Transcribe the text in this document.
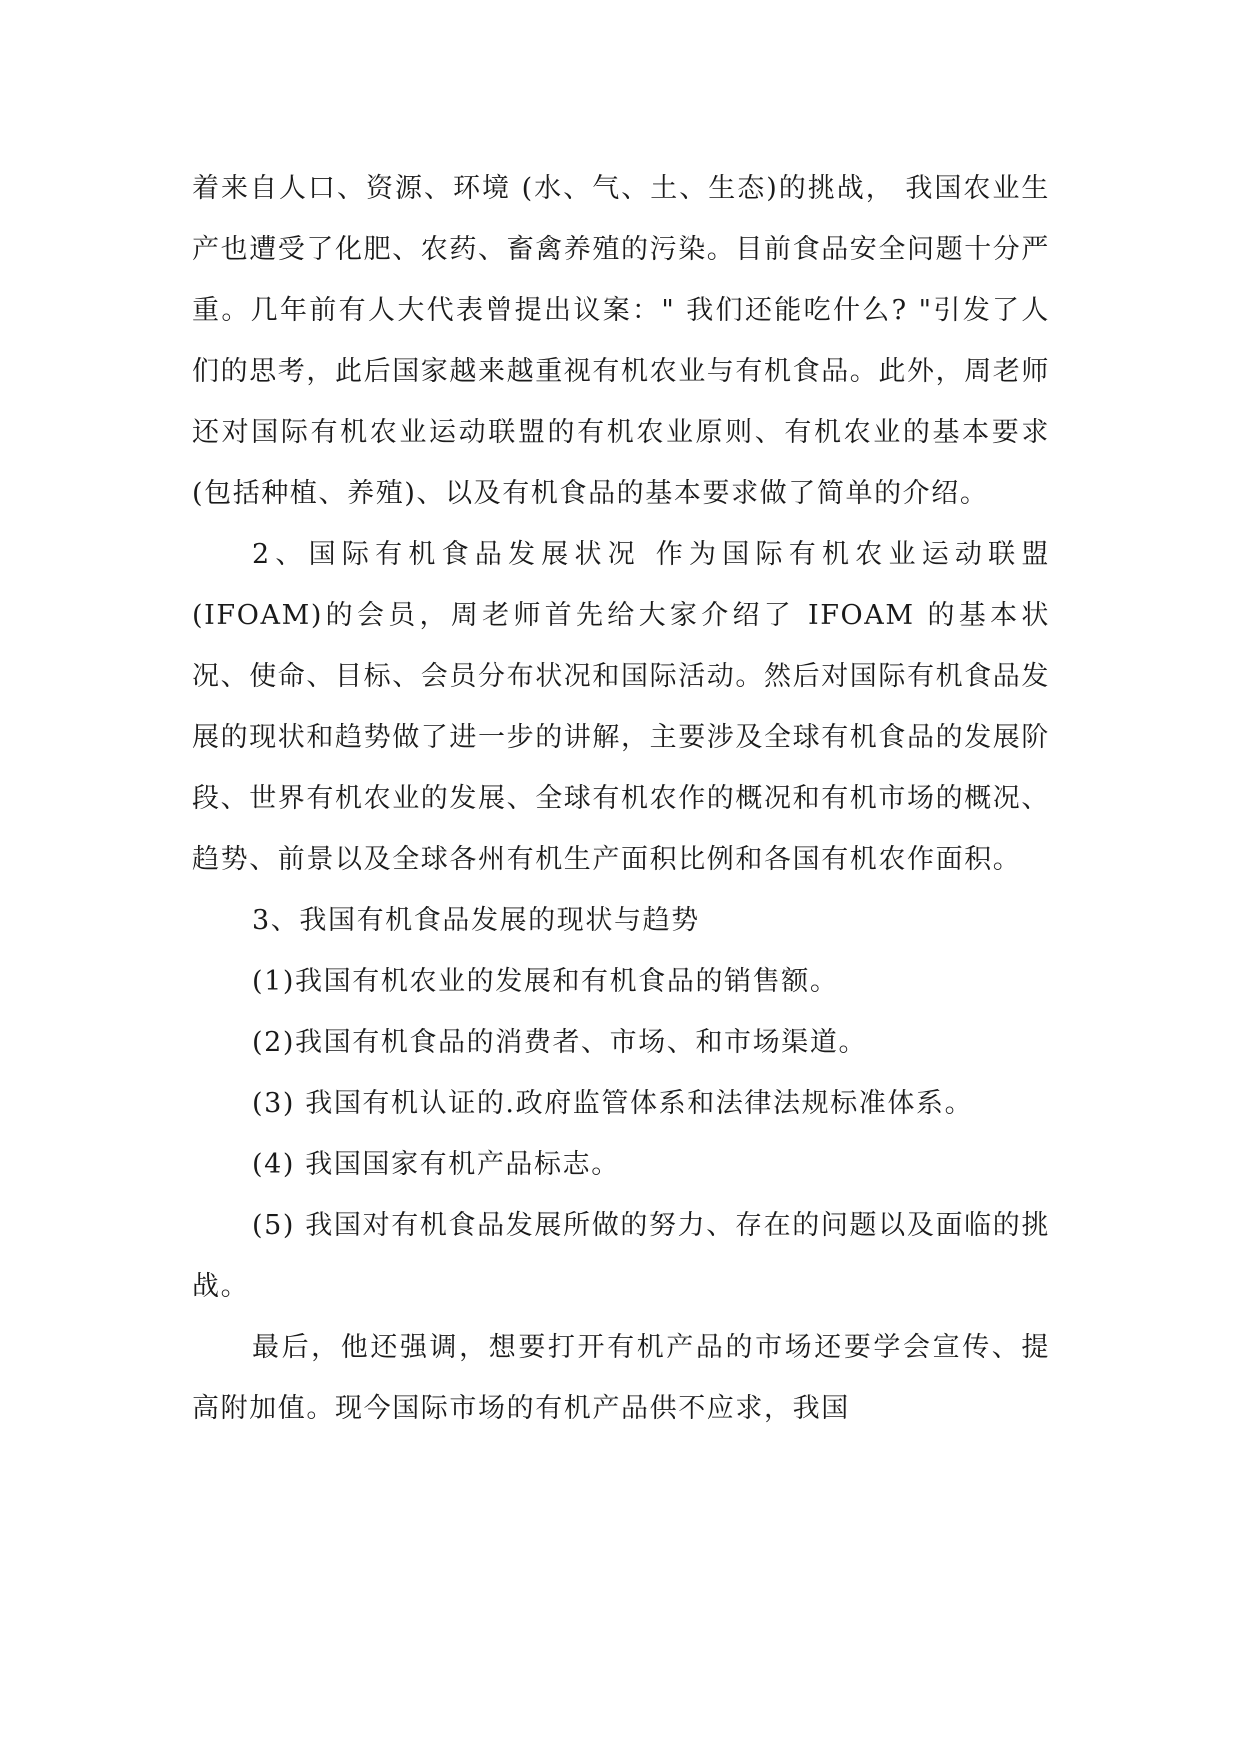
着来自人口、资源、环境 (水、气、土、生态)的挑战， 我国农业生产也遭受了化肥、农药、畜禽养殖的污染。目前食品安全问题十分严重。几年前有人大代表曾提出议案：" 我们还能吃什么? "引发了人们的思考，此后国家越来越重视有机农业与有机食品。此外，周老师还对国际有机农业运动联盟的有机农业原则、有机农业的基本要求(包括种植、养殖)、以及有机食品的基本要求做了简单的介绍。

2、国际有机食品发展状况 作为国际有机农业运动联盟(IFOAM)的会员，周老师首先给大家介绍了 IFOAM 的基本状况、使命、目标、会员分布状况和国际活动。然后对国际有机食品发展的现状和趋势做了进一步的讲解，主要涉及全球有机食品的发展阶段、世界有机农业的发展、全球有机农作的概况和有机市场的概况、趋势、前景以及全球各州有机生产面积比例和各国有机农作面积。

3、我国有机食品发展的现状与趋势

(1)我国有机农业的发展和有机食品的销售额。

(2)我国有机食品的消费者、市场、和市场渠道。

(3) 我国有机认证的.政府监管体系和法律法规标准体系。

(4) 我国国家有机产品标志。

(5) 我国对有机食品发展所做的努力、存在的问题以及面临的挑战。

最后，他还强调，想要打开有机产品的市场还要学会宣传、提高附加值。现今国际市场的有机产品供不应求，我国
